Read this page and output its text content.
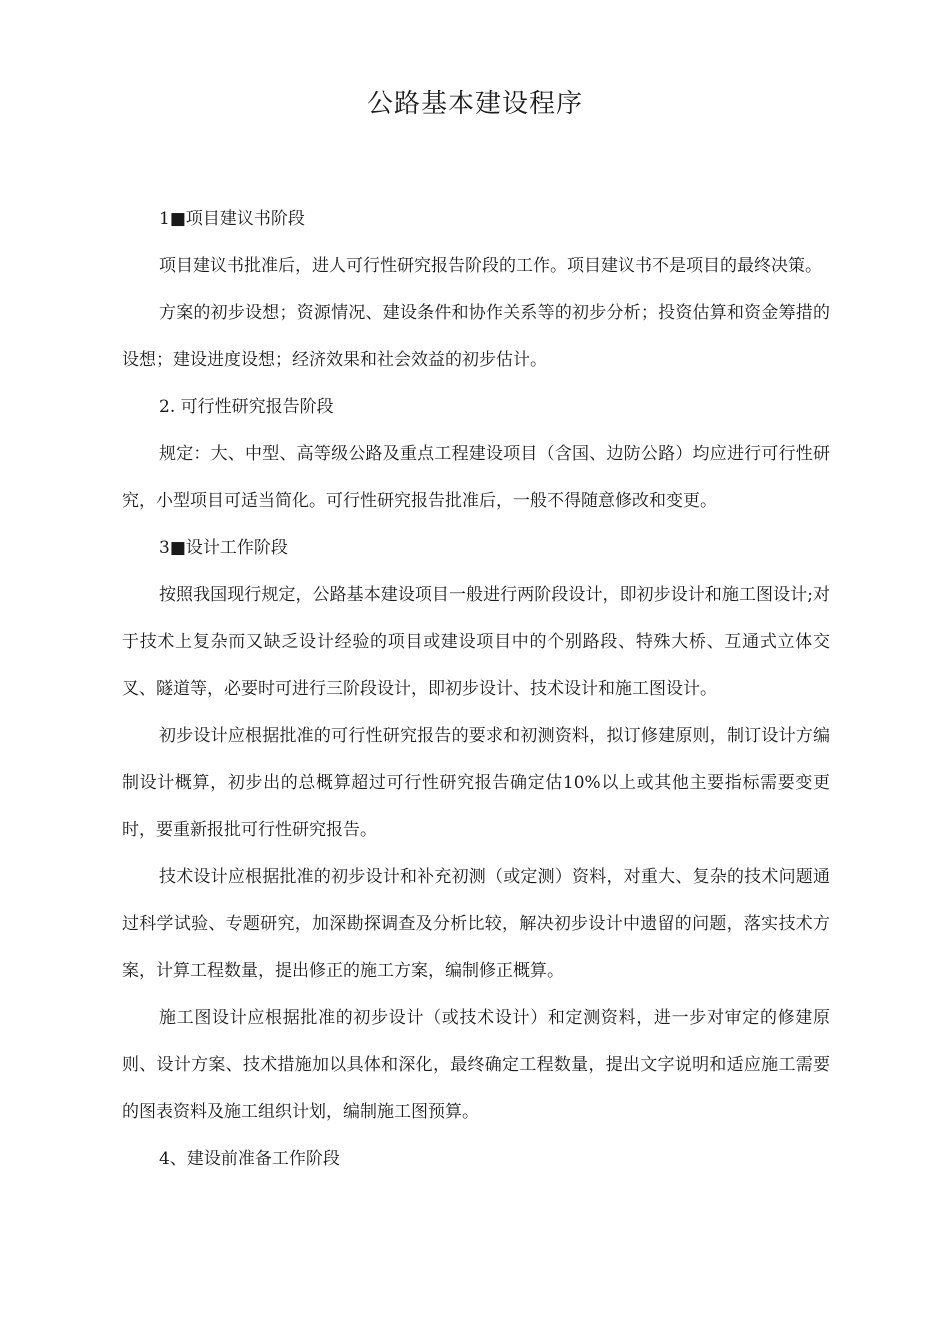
公路基本建设程序

1■项目建议书阶段

项目建议书批准后，进人可行性研究报告阶段的工作。项目建议书不是项目的最终决策。

方案的初步设想；资源情况、建设条件和协作关系等的初步分析；投资估算和资金筹措的设想；建设进度设想；经济效果和社会效益的初步估计。

2. 可行性研究报告阶段

规定：大、中型、高等级公路及重点工程建设项目（含国、边防公路）均应进行可行性研究，小型项目可适当简化。可行性研究报告批准后，一般不得随意修改和变更。

3■设计工作阶段

按照我国现行规定，公路基本建设项目一般进行两阶段设计，即初步设计和施工图设计;对于技术上复杂而又缺乏设计经验的项目或建设项目中的个别路段、特殊大桥、互通式立体交叉、隧道等，必要时可进行三阶段设计，即初步设计、技术设计和施工图设计。

初步设计应根据批准的可行性研究报告的要求和初测资料，拟订修建原则，制订设计方编制设计概算，初步出的总概算超过可行性研究报告确定估10%以上或其他主要指标需要变更时，要重新报批可行性研究报告。

技术设计应根据批准的初步设计和补充初测（或定测）资料，对重大、复杂的技术问题通过科学试验、专题研究，加深勘探调查及分析比较，解决初步设计中遗留的问题，落实技术方案，计算工程数量，提出修正的施工方案，编制修正概算。

施工图设计应根据批准的初步设计（或技术设计）和定测资料，进一步对审定的修建原则、设计方案、技术措施加以具体和深化，最终确定工程数量，提出文字说明和适应施工需要的图表资料及施工组织计划，编制施工图预算。

4、建设前准备工作阶段
